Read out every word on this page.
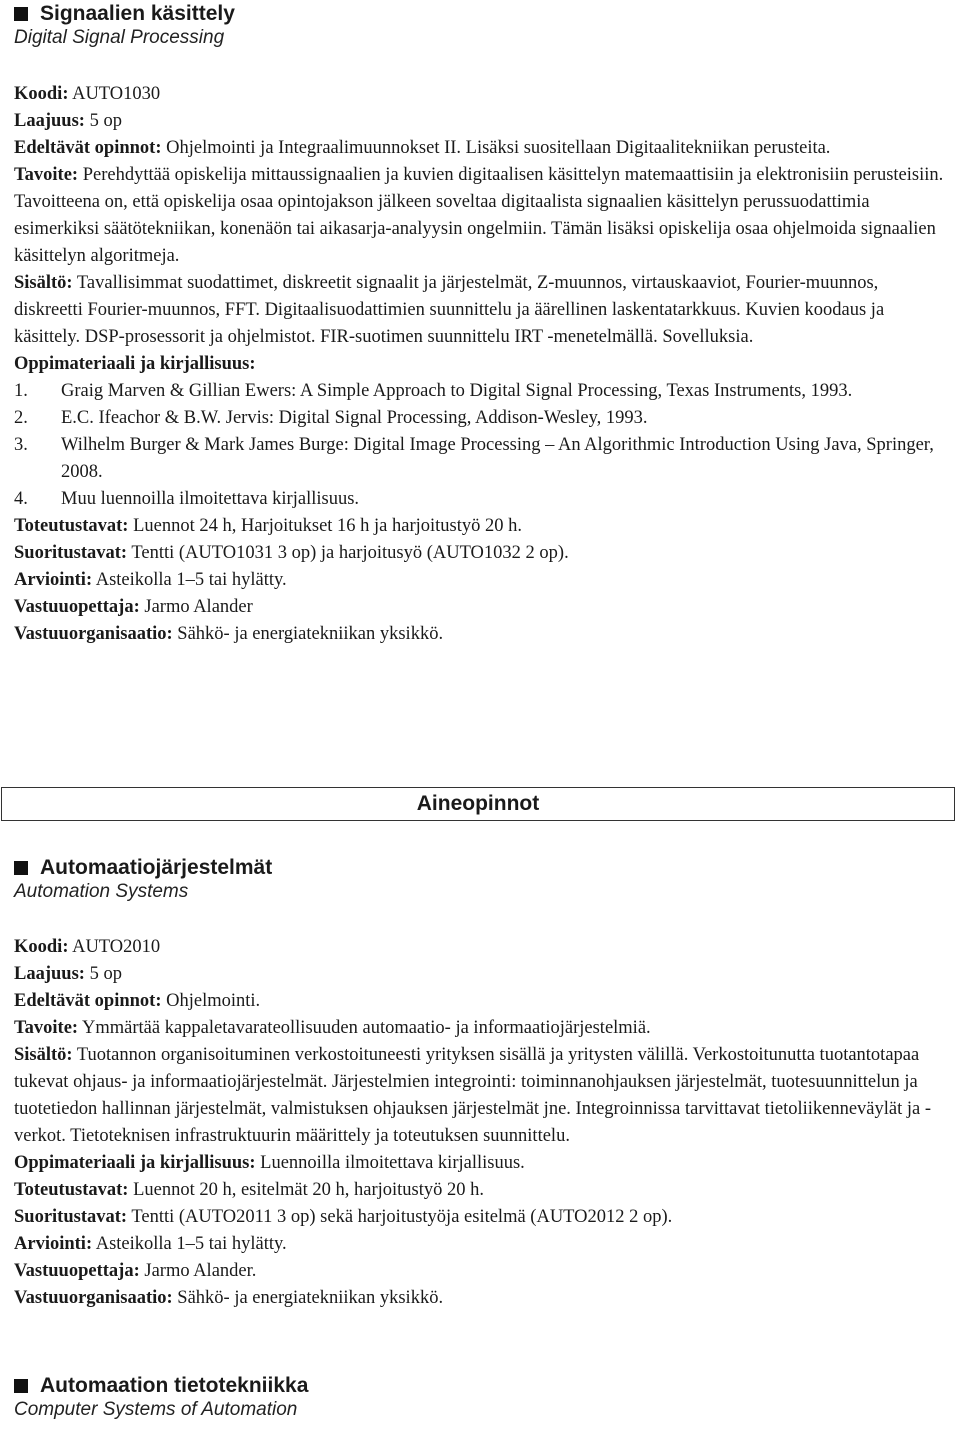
Signaalien käsittely
Digital Signal Processing
Koodi: AUTO1030
Laajuus: 5 op
Edeltävät opinnot: Ohjelmointi ja Integraalimuunnokset II. Lisäksi suositellaan Digitaalitekniikan perusteita.
Tavoite: Perehdyttää opiskelija mittaussignaalien ja kuvien digitaalisen käsittelyn matemaattisiin ja elektronisiin perusteisiin. Tavoitteena on, että opiskelija osaa opintojakson jälkeen soveltaa digitaalista signaalien käsittelyn perussuodattimia esimerkiksi säätötekniikan, konenäön tai aikasarja-analyysin ongelmiin. Tämän lisäksi opiskelija osaa ohjelmoida signaalien käsittelyn algoritmeja.
Sisältö: Tavallisimmat suodattimet, diskreetit signaalit ja järjestelmät, Z-muunnos, virtauskaaviot, Fourier-muunnos, diskreetti Fourier-muunnos, FFT. Digitaalisuodattimien suunnittelu ja äärellinen laskentatarkkuus. Kuvien koodaus ja käsittely. DSP-prosessorit ja ohjelmistot. FIR-suotimen suunnittelu IRT -menetelmällä. Sovelluksia.
Oppimateriaali ja kirjallisuus:
1.	Graig Marven & Gillian Ewers: A Simple Approach to Digital Signal Processing, Texas Instruments, 1993.
2.	E.C. Ifeachor & B.W. Jervis: Digital Signal Processing, Addison-Wesley, 1993.
3.	Wilhelm Burger & Mark James Burge: Digital Image Processing – An Algorithmic Introduction Using Java, Springer, 2008.
4.	Muu luennoilla ilmoitettava kirjallisuus.
Toteutustavat: Luennot 24 h, Harjoitukset 16 h ja harjoitustyö 20 h.
Suoritustavat: Tentti (AUTO1031 3 op) ja harjoitusyö (AUTO1032 2 op).
Arviointi: Asteikolla 1–5 tai hylätty.
Vastuuopettaja: Jarmo Alander
Vastuuorganisaatio: Sähkö- ja energiatekniikan yksikkö.
Aineopinnot
Automaatiojärjestelmät
Automation Systems
Koodi: AUTO2010
Laajuus: 5 op
Edeltävät opinnot: Ohjelmointi.
Tavoite: Ymmärtää kappaletavarateollisuuden automaatio- ja informaatiojärjestelmiä.
Sisältö: Tuotannon organisoituminen verkostoituneesti yrityksen sisällä ja yritysten välillä. Verkostoitunutta tuotantotapaa tukevat ohjaus- ja informaatiojärjestelmät. Järjestelmien integrointi: toiminnanohjauksen järjestelmät, tuotesuunnittelun ja tuotetiedon hallinnan järjestelmät, valmistuksen ohjauksen järjestelmät jne. Integroinnissa tarvittavat tietoliikenneväylät ja -verkot. Tietoteknisen infrastruktuurin määrittely ja toteutuksen suunnittelu.
Oppimateriaali ja kirjallisuus: Luennoilla ilmoitettava kirjallisuus.
Toteutustavat: Luennot 20 h, esitelmät 20 h, harjoitustyö 20 h.
Suoritustavat: Tentti (AUTO2011 3 op) sekä harjoitustyöja esitelmä (AUTO2012 2 op).
Arviointi: Asteikolla 1–5 tai hylätty.
Vastuuopettaja: Jarmo Alander.
Vastuuorganisaatio: Sähkö- ja energiatekniikan yksikkö.
Automaation tietotekniikka
Computer Systems of Automation
